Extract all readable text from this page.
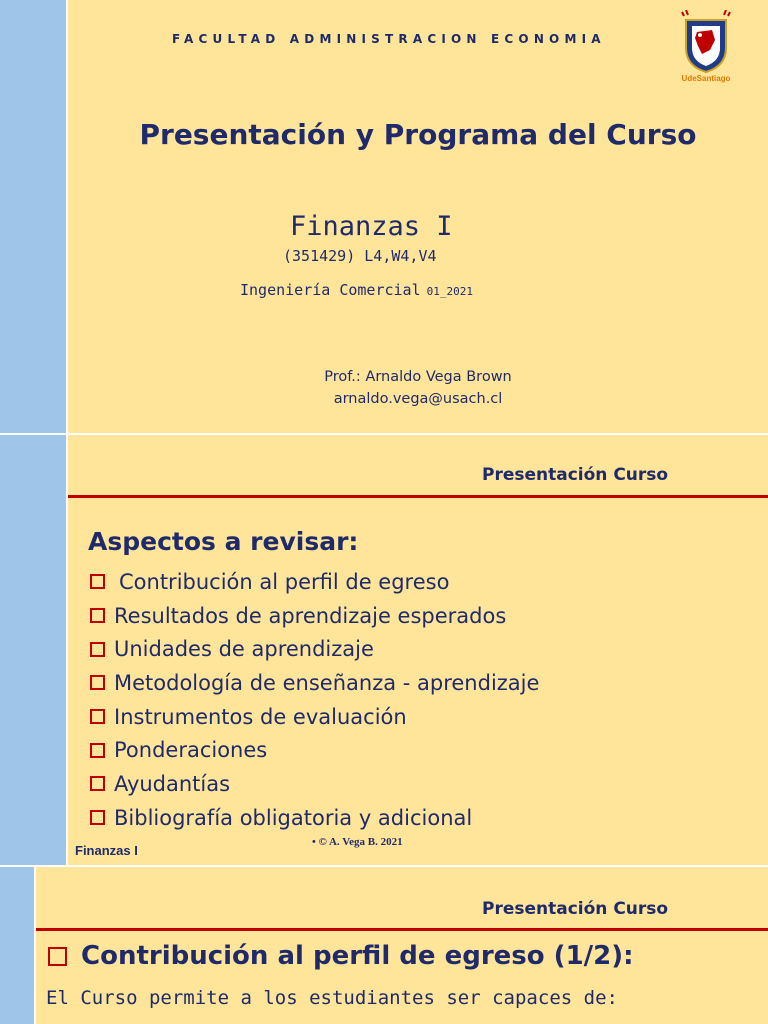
FACULTAD ADMINISTRACION ECONOMIA
UdeSantiago
Presentación y Programa del Curso
Finanzas I
(351429) L4,W4,V4
Ingeniería Comercial 01_2021
Prof.: Arnaldo Vega Brown
arnaldo.vega@usach.cl
Presentación Curso
Aspectos a revisar:
Contribución al perfil de egreso
Resultados de aprendizaje esperados
Unidades de aprendizaje
Metodología de enseñanza - aprendizaje
Instrumentos de evaluación
Ponderaciones
Ayudantías
Bibliografía obligatoria y adicional
Finanzas I
• © A. Vega B. 2021
Presentación Curso
Contribución al perfil de egreso (1/2):
El Curso permite a los estudiantes ser capaces de:
